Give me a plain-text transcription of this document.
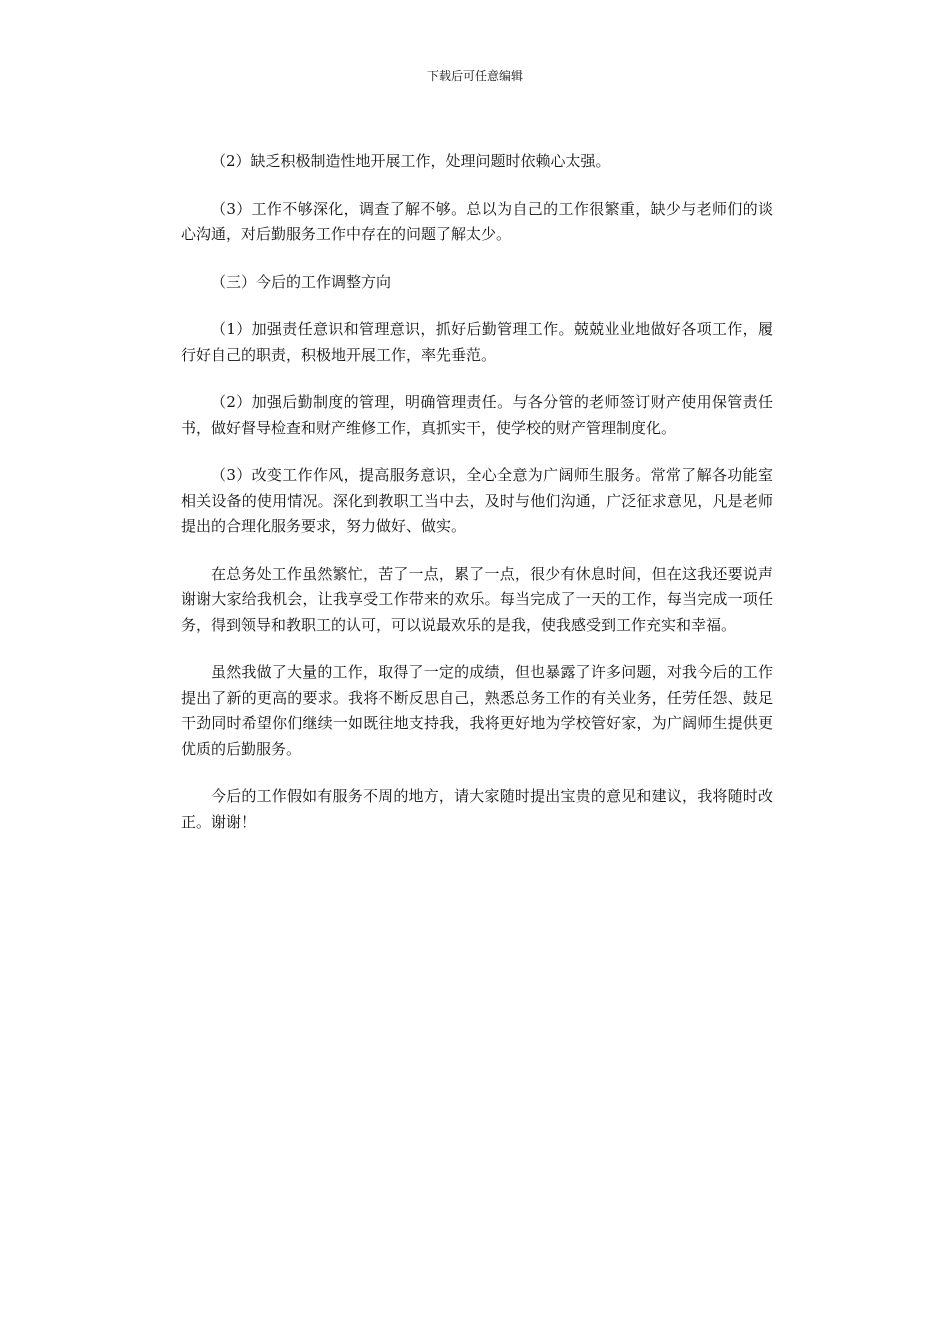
下载后可任意编辑

（2）缺乏积极制造性地开展工作，处理问题时依赖心太强。

（3）工作不够深化，调查了解不够。总以为自己的工作很繁重，缺少与老师们的谈心沟通，对后勤服务工作中存在的问题了解太少。

（三）今后的工作调整方向

（1）加强责任意识和管理意识，抓好后勤管理工作。兢兢业业地做好各项工作，履行好自己的职责，积极地开展工作，率先垂范。

（2）加强后勤制度的管理，明确管理责任。与各分管的老师签订财产使用保管责任书，做好督导检查和财产维修工作，真抓实干，使学校的财产管理制度化。

（3）改变工作作风，提高服务意识，全心全意为广阔师生服务。常常了解各功能室相关设备的使用情况。深化到教职工当中去，及时与他们沟通，广泛征求意见，凡是老师提出的合理化服务要求，努力做好、做实。

在总务处工作虽然繁忙，苦了一点，累了一点，很少有休息时间，但在这我还要说声谢谢大家给我机会，让我享受工作带来的欢乐。每当完成了一天的工作，每当完成一项任务，得到领导和教职工的认可，可以说最欢乐的是我，使我感受到工作充实和幸福。

虽然我做了大量的工作，取得了一定的成绩，但也暴露了许多问题，对我今后的工作提出了新的更高的要求。我将不断反思自己，熟悉总务工作的有关业务，任劳任怨、鼓足干劲同时希望你们继续一如既往地支持我，我将更好地为学校管好家，为广阔师生提供更优质的后勤服务。

今后的工作假如有服务不周的地方，请大家随时提出宝贵的意见和建议，我将随时改正。谢谢！
